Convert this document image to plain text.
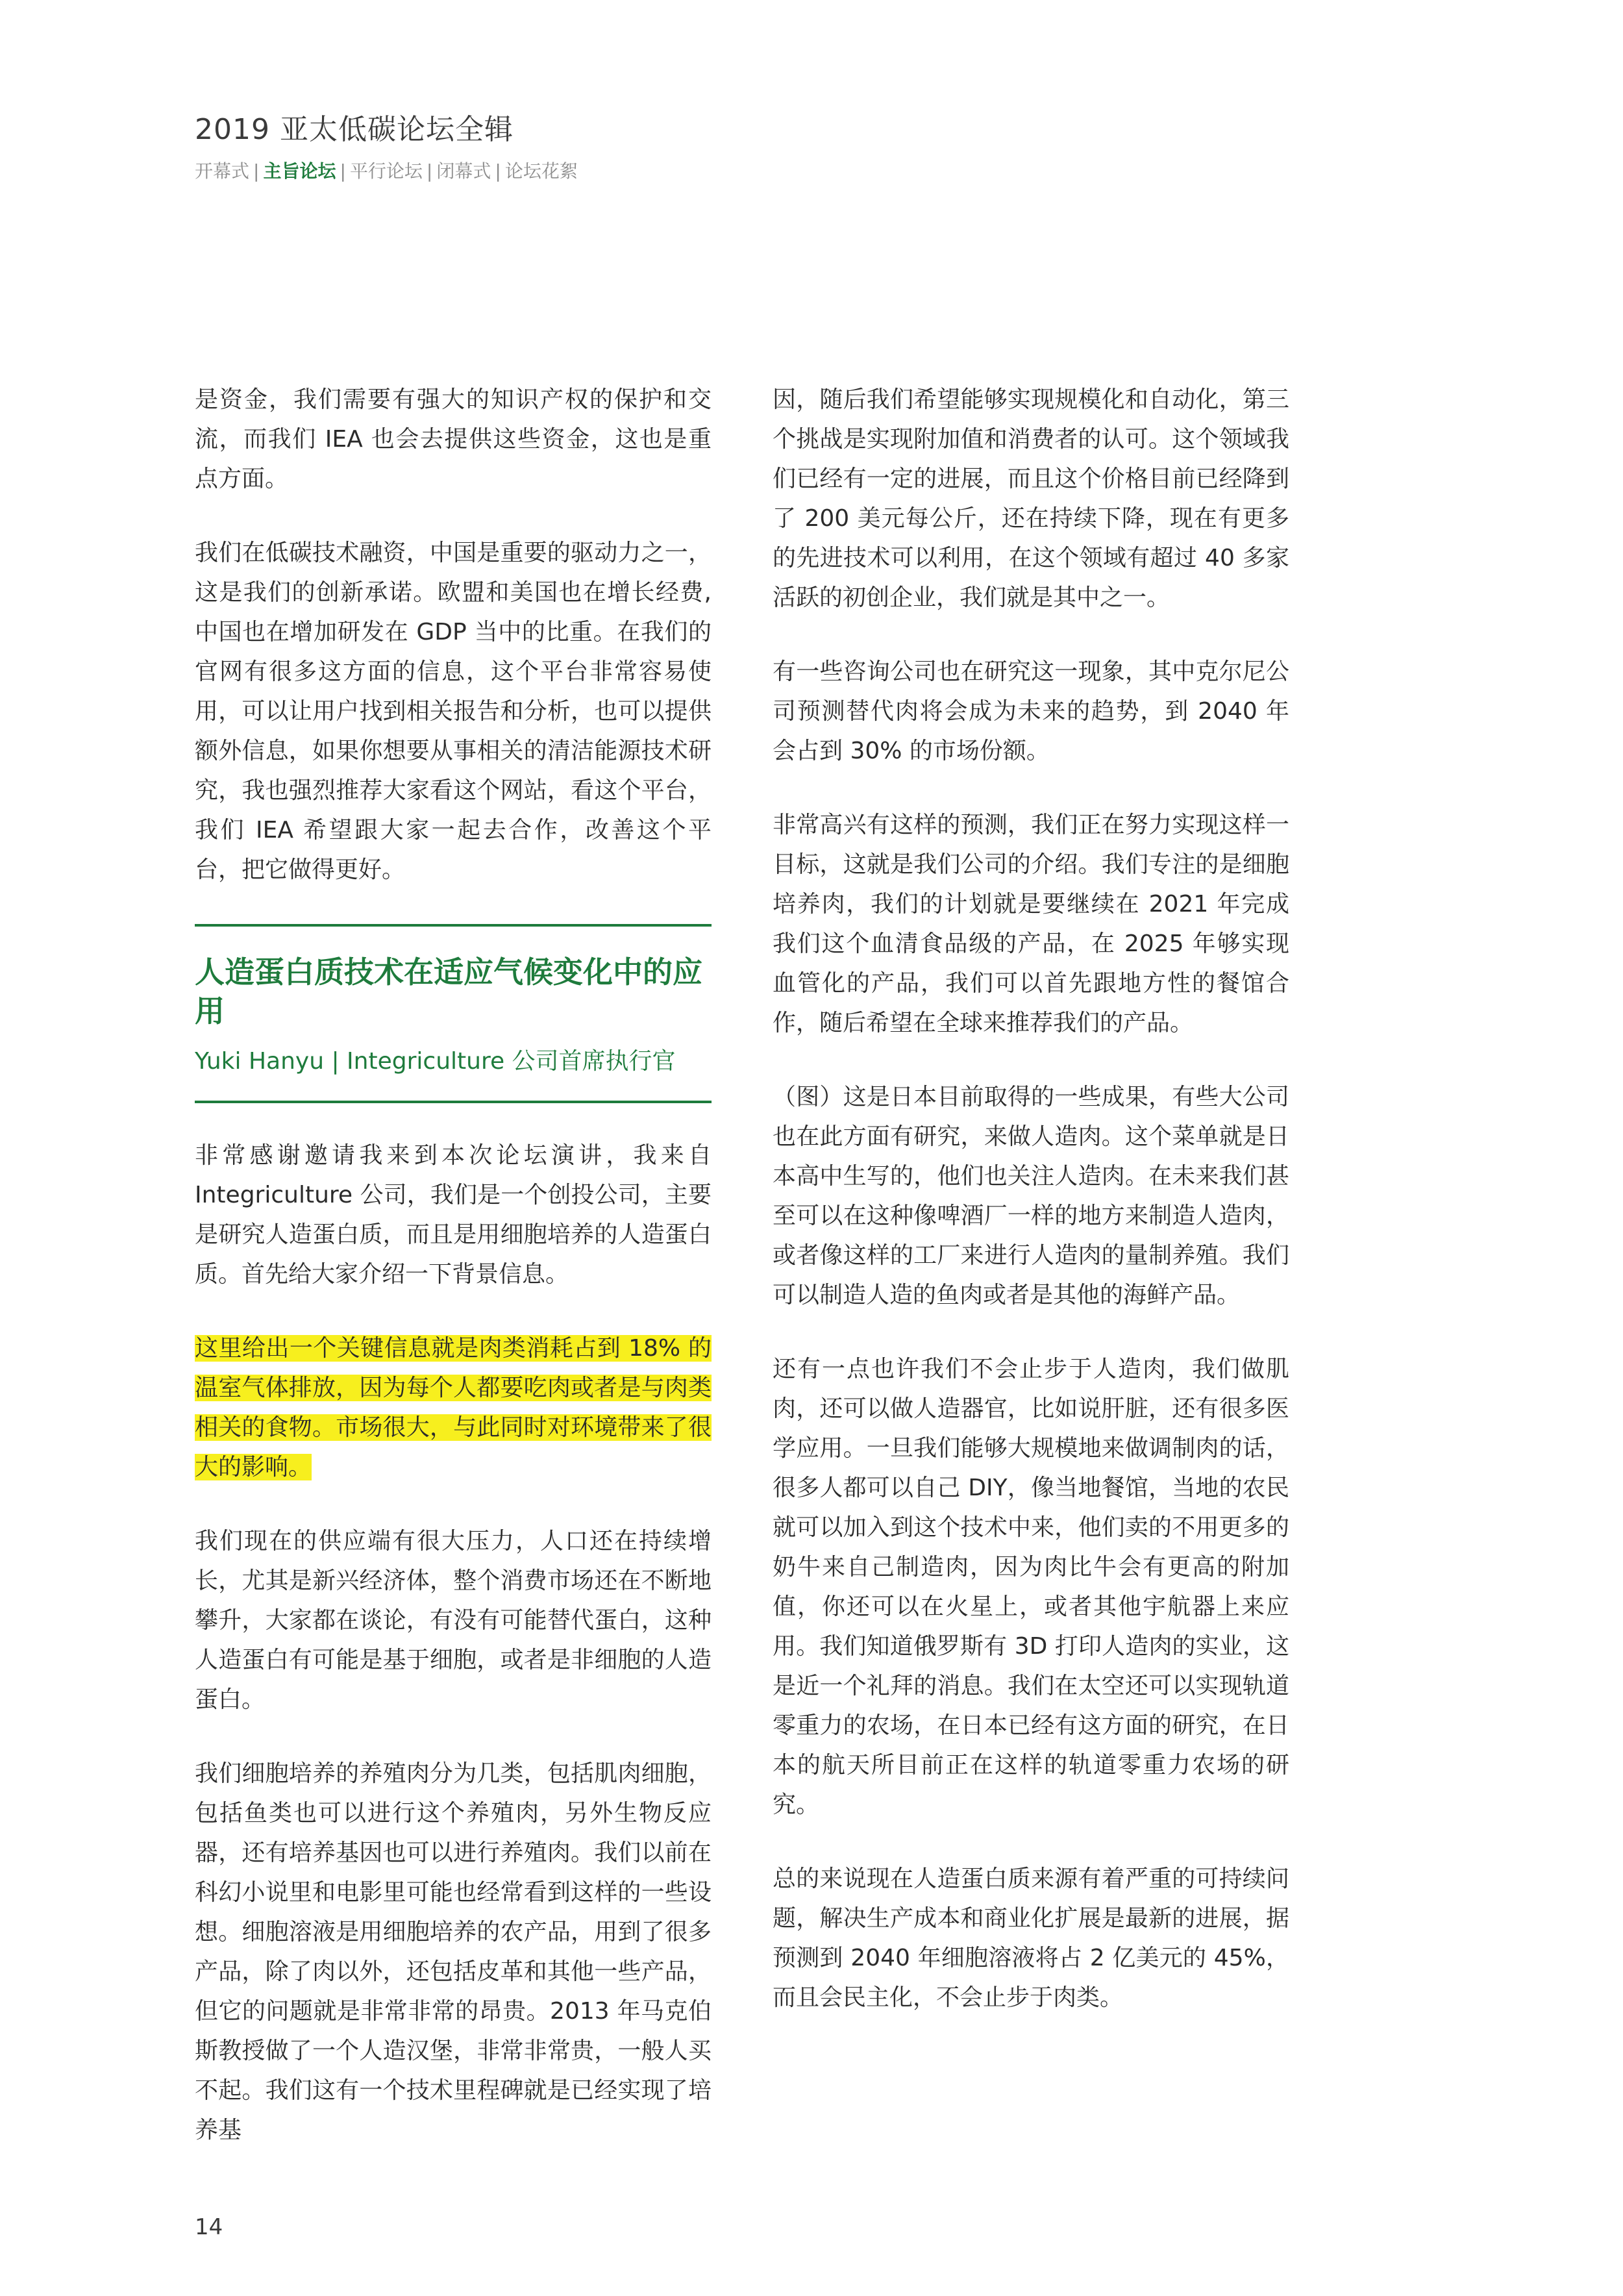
2019 亚太低碳论坛全辑
开幕式 | 主旨论坛 | 平行论坛 | 闭幕式 | 论坛花絮

是资金，我们需要有强大的知识产权的保护和交流，而我们 IEA 也会去提供这些资金，这也是重点方面。

我们在低碳技术融资，中国是重要的驱动力之一，这是我们的创新承诺。欧盟和美国也在增长经费,中国也在增加研发在 GDP 当中的比重。在我们的官网有很多这方面的信息，这个平台非常容易使用，可以让用户找到相关报告和分析，也可以提供额外信息，如果你想要从事相关的清洁能源技术研究，我也强烈推荐大家看这个网站，看这个平台，我们 IEA 希望跟大家一起去合作，改善这个平台，把它做得更好。

人造蛋白质技术在适应气候变化中的应用
Yuki Hanyu | Integriculture 公司首席执行官

非常感谢邀请我来到本次论坛演讲，我来自 Integriculture 公司，我们是一个创投公司，主要是研究人造蛋白质，而且是用细胞培养的人造蛋白质。首先给大家介绍一下背景信息。

这里给出一个关键信息就是肉类消耗占到 18% 的温室气体排放，因为每个人都要吃肉或者是与肉类相关的食物。市场很大，与此同时对环境带来了很大的影响。

我们现在的供应端有很大压力，人口还在持续增长，尤其是新兴经济体，整个消费市场还在不断地攀升，大家都在谈论，有没有可能替代蛋白，这种人造蛋白有可能是基于细胞，或者是非细胞的人造蛋白。

我们细胞培养的养殖肉分为几类，包括肌肉细胞，包括鱼类也可以进行这个养殖肉，另外生物反应器，还有培养基因也可以进行养殖肉。我们以前在科幻小说里和电影里可能也经常看到这样的一些设想。细胞溶液是用细胞培养的农产品，用到了很多产品，除了肉以外，还包括皮革和其他一些产品，但它的问题就是非常非常的昂贵。2013 年马克伯斯教授做了一个人造汉堡，非常非常贵，一般人买不起。我们这有一个技术里程碑就是已经实现了培养基

因，随后我们希望能够实现规模化和自动化，第三个挑战是实现附加值和消费者的认可。这个领域我们已经有一定的进展，而且这个价格目前已经降到了 200 美元每公斤，还在持续下降，现在有更多的先进技术可以利用，在这个领域有超过 40 多家活跃的初创企业，我们就是其中之一。

有一些咨询公司也在研究这一现象，其中克尔尼公司预测替代肉将会成为未来的趋势，到 2040 年会占到 30% 的市场份额。

非常高兴有这样的预测，我们正在努力实现这样一目标，这就是我们公司的介绍。我们专注的是细胞培养肉，我们的计划就是要继续在 2021 年完成我们这个血清食品级的产品，在 2025 年够实现血管化的产品，我们可以首先跟地方性的餐馆合作，随后希望在全球来推荐我们的产品。

（图）这是日本目前取得的一些成果，有些大公司也在此方面有研究，来做人造肉。这个菜单就是日本高中生写的，他们也关注人造肉。在未来我们甚至可以在这种像啤酒厂一样的地方来制造人造肉，或者像这样的工厂来进行人造肉的量制养殖。我们可以制造人造的鱼肉或者是其他的海鲜产品。

还有一点也许我们不会止步于人造肉，我们做肌肉，还可以做人造器官，比如说肝脏，还有很多医学应用。一旦我们能够大规模地来做调制肉的话，很多人都可以自己 DIY，像当地餐馆，当地的农民就可以加入到这个技术中来，他们卖的不用更多的奶牛来自己制造肉，因为肉比牛会有更高的附加值，你还可以在火星上，或者其他宇航器上来应用。我们知道俄罗斯有 3D 打印人造肉的实业，这是近一个礼拜的消息。我们在太空还可以实现轨道零重力的农场，在日本已经有这方面的研究，在日本的航天所目前正在这样的轨道零重力农场的研究。

总的来说现在人造蛋白质来源有着严重的可持续问题，解决生产成本和商业化扩展是最新的进展，据预测到 2040 年细胞溶液将占 2 亿美元的 45%，而且会民主化，不会止步于肉类。

14
